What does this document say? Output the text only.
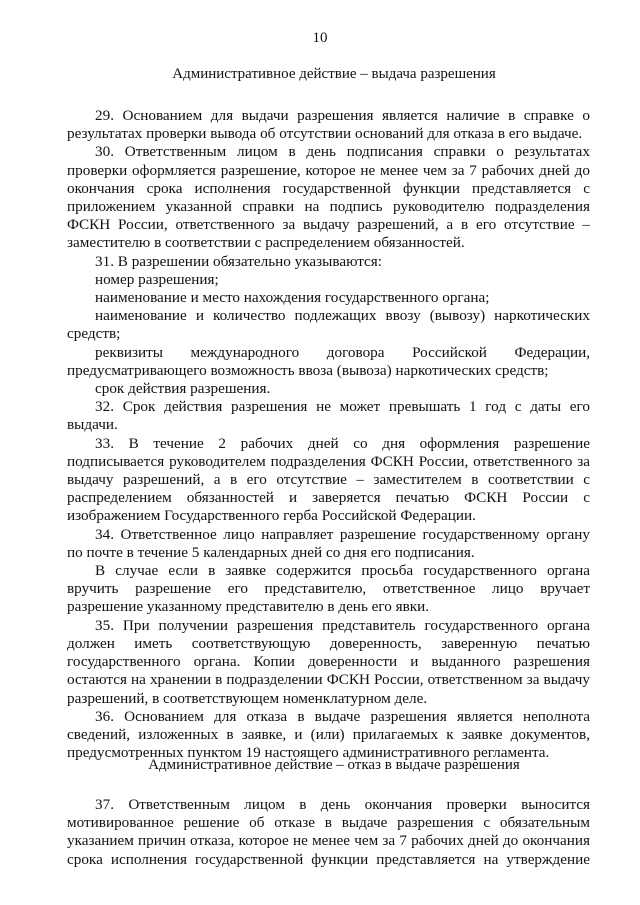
10
Административное действие – выдача разрешения

29. Основанием для выдачи разрешения является наличие в справке о результатах проверки вывода об отсутствии оснований для отказа в его выдаче.

30. Ответственным лицом в день подписания справки о результатах проверки оформляется разрешение, которое не менее чем за 7 рабочих дней до окончания срока исполнения государственной функции представляется с приложением указанной справки на подпись руководителю подразделения ФСКН России, ответственного за выдачу разрешений, а в его отсутствие – заместителю в соответствии с распределением обязанностей.

31. В разрешении обязательно указываются:

номер разрешения;

наименование и место нахождения государственного органа;

наименование и количество подлежащих ввозу (вывозу) наркотических средств;

реквизиты международного договора Российской Федерации, предусматривающего возможность ввоза (вывоза) наркотических средств;

срок действия разрешения.

32. Срок действия разрешения не может превышать 1 год с даты его выдачи.

33. В течение 2 рабочих дней со дня оформления разрешение подписывается руководителем подразделения ФСКН России, ответственного за выдачу разрешений, а в его отсутствие – заместителем в соответствии с распределением обязанностей и заверяется печатью ФСКН России с изображением Государственного герба Российской Федерации.

34. Ответственное лицо направляет разрешение государственному органу по почте в течение 5 календарных дней со дня его подписания.

В случае если в заявке содержится просьба государственного органа вручить разрешение его представителю, ответственное лицо вручает разрешение указанному представителю в день его явки.

35. При получении разрешения представитель государственного органа должен иметь соответствующую доверенность, заверенную печатью государственного органа. Копии доверенности и выданного разрешения остаются на хранении в подразделении ФСКН России, ответственном за выдачу разрешений, в соответствующем номенклатурном деле.

36. Основанием для отказа в выдаче разрешения является неполнота сведений, изложенных в заявке, и (или) прилагаемых к заявке документов, предусмотренных пунктом 19 настоящего административного регламента.

Административное действие – отказ в выдаче разрешения

37. Ответственным лицом в день окончания проверки выносится мотивированное решение об отказе в выдаче разрешения с обязательным указанием причин отказа, которое не менее чем за 7 рабочих дней до окончания срока исполнения государственной функции представляется на утверждение
